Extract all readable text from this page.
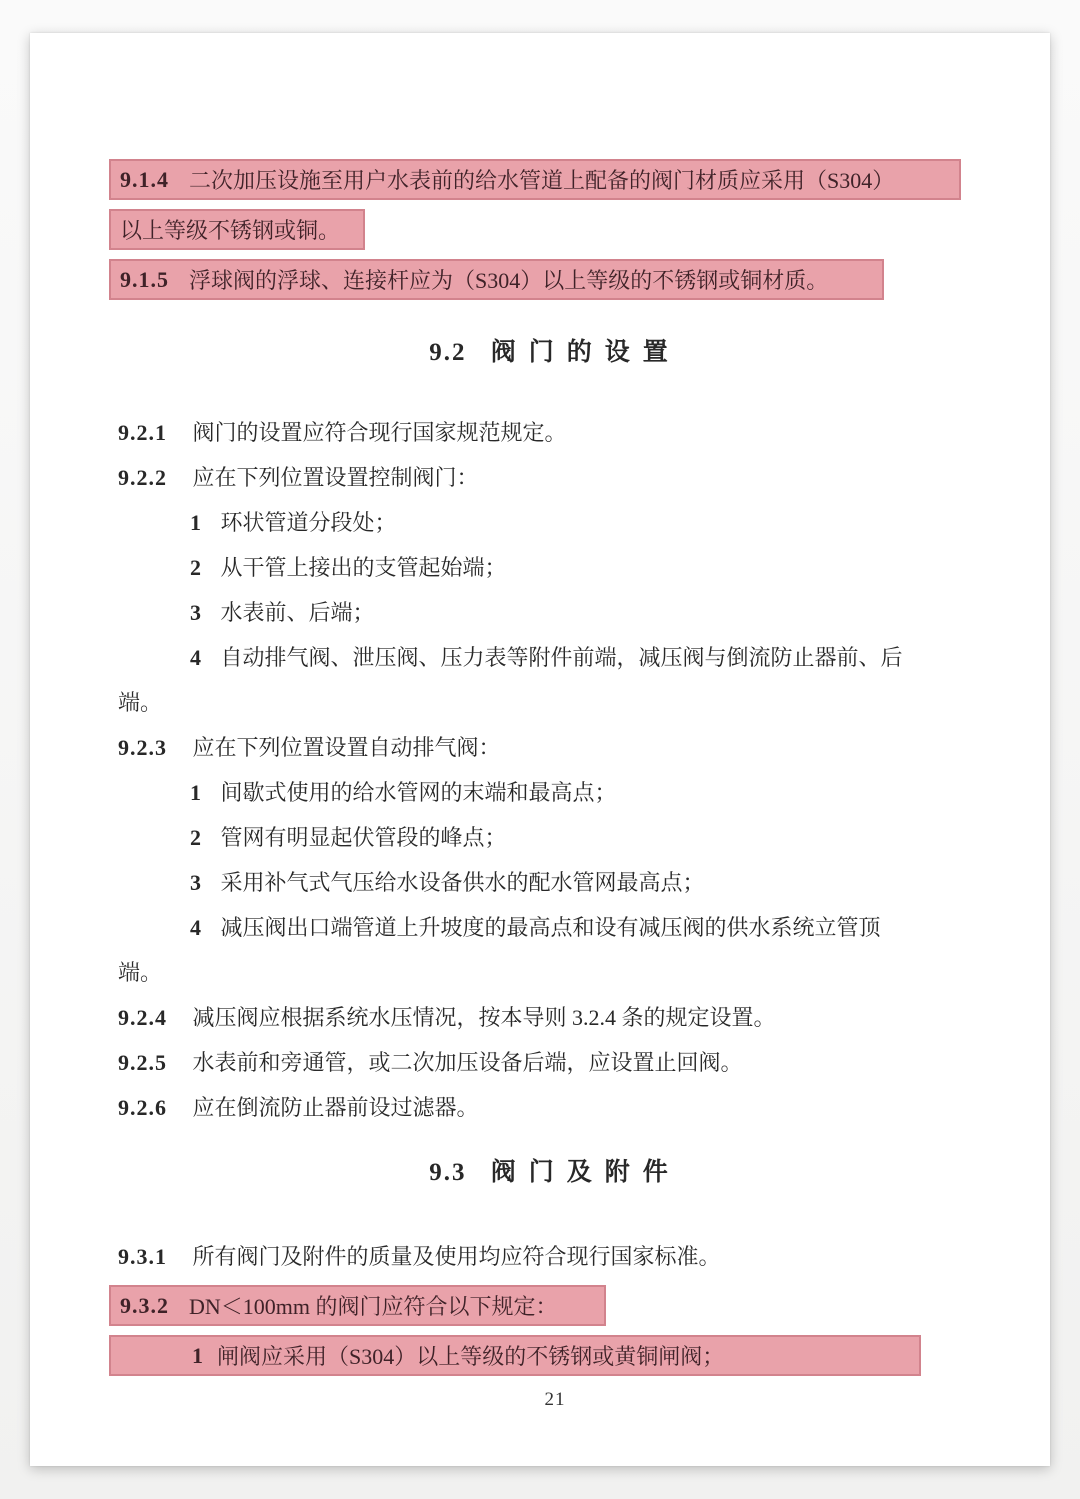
9.1.4 二次加压设施至用户水表前的给水管道上配备的阀门材质应采用（S304）
以上等级不锈钢或铜。
9.1.5 浮球阀的浮球、连接杆应为（S304）以上等级的不锈钢或铜材质。
9.2 阀门的设置

9.2.1 阀门的设置应符合现行国家规范规定。

9.2.2 应在下列位置设置控制阀门：

1 环状管道分段处；

2 从干管上接出的支管起始端；

3 水表前、后端；

4 自动排气阀、泄压阀、压力表等附件前端，减压阀与倒流防止器前、后

端。

9.2.3 应在下列位置设置自动排气阀：

1 间歇式使用的给水管网的末端和最高点；

2 管网有明显起伏管段的峰点；

3 采用补气式气压给水设备供水的配水管网最高点；

4 减压阀出口端管道上升坡度的最高点和设有减压阀的供水系统立管顶

端。

9.2.4 减压阀应根据系统水压情况，按本导则 3.2.4 条的规定设置。

9.2.5 水表前和旁通管，或二次加压设备后端，应设置止回阀。

9.2.6 应在倒流防止器前设过滤器。

9.3 阀门及附件

9.3.1 所有阀门及附件的质量及使用均应符合现行国家标准。

9.3.2 DN＜100mm 的阀门应符合以下规定：
1 闸阀应采用（S304）以上等级的不锈钢或黄铜闸阀；
21
